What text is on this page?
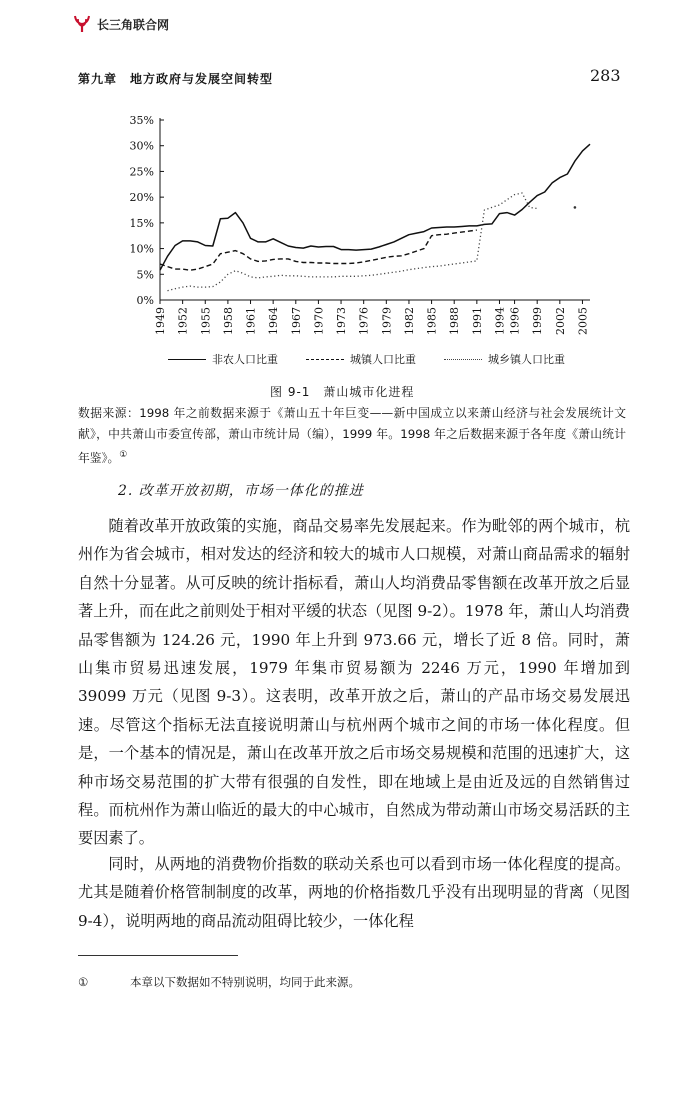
长三角联合网
第九章　地方政府与发展空间转型	283
0%
5%
10%
15%
20%
25%
30%
35%
1949 1952 1955 1958 1961 1964 1967 1970 1973 1976 1979 1982 1985 1988 1991 1994 1996 1999 2002 2005
非农人口比重	城镇人口比重	城乡镇人口比重
图 9-1　萧山城市化进程
数据来源：1998 年之前数据来源于《萧山五十年巨变——新中国成立以来萧山经济与社会发展统计文献》，中共萧山市委宣传部，萧山市统计局（编），1999 年。1998 年之后数据来源于各年度《萧山统计年鉴》。①
2. 改革开放初期，市场一体化的推进

随着改革开放政策的实施，商品交易率先发展起来。作为毗邻的两个城市，杭州作为省会城市，相对发达的经济和较大的城市人口规模，对萧山商品需求的辐射自然十分显著。从可反映的统计指标看，萧山人均消费品零售额在改革开放之后显著上升，而在此之前则处于相对平缓的状态（见图 9-2）。1978 年，萧山人均消费品零售额为 124.26 元，1990 年上升到 973.66 元，增长了近 8 倍。同时，萧山集市贸易迅速发展，1979 年集市贸易额为 2246 万元，1990 年增加到 39099 万元（见图 9-3）。这表明，改革开放之后，萧山的产品市场交易发展迅速。尽管这个指标无法直接说明萧山与杭州两个城市之间的市场一体化程度。但是，一个基本的情况是，萧山在改革开放之后市场交易规模和范围的迅速扩大，这种市场交易范围的扩大带有很强的自发性，即在地域上是由近及远的自然销售过程。而杭州作为萧山临近的最大的中心城市，自然成为带动萧山市场交易活跃的主要因素了。

同时，从两地的消费物价指数的联动关系也可以看到市场一体化程度的提高。尤其是随着价格管制制度的改革，两地的价格指数几乎没有出现明显的背离（见图 9-4），说明两地的商品流动阻碍比较少，一体化程

①	本章以下数据如不特别说明，均同于此来源。
